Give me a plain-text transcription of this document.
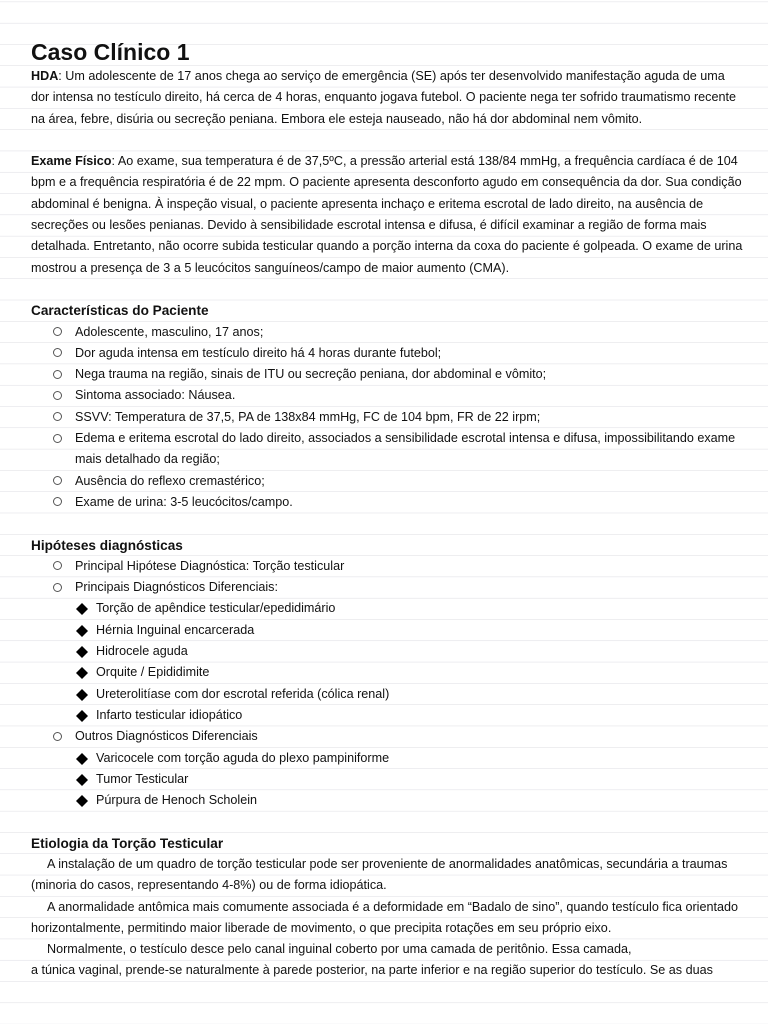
Caso Clínico 1

HDA: Um adolescente de 17 anos chega ao serviço de emergência (SE) após ter desenvolvido manifestação aguda de uma dor intensa no testículo direito, há cerca de 4 horas, enquanto jogava futebol. O paciente nega ter sofrido traumatismo recente na área, febre, disúria ou secreção peniana. Embora ele esteja nauseado, não há dor abdominal nem vômito.

Exame Físico: Ao exame, sua temperatura é de 37,5ºC, a pressão arterial está 138/84 mmHg, a frequência cardíaca é de 104 bpm e a frequência respiratória é de 22 mpm. O paciente apresenta desconforto agudo em consequência da dor. Sua condição abdominal é benigna. À inspeção visual, o paciente apresenta inchaço e eritema escrotal de lado direito, na ausência de secreções ou lesões penianas. Devido à sensibilidade escrotal intensa e difusa, é difícil examinar a região de forma mais detalhada. Entretanto, não ocorre subida testicular quando a porção interna da coxa do paciente é golpeada. O exame de urina mostrou a presença de 3 a 5 leucócitos sanguíneos/campo de maior aumento (CMA).

Características do Paciente
Adolescente, masculino, 17 anos;
Dor aguda intensa em testículo direito há 4 horas durante futebol;
Nega trauma na região, sinais de ITU ou secreção peniana, dor abdominal e vômito;
Sintoma associado: Náusea.
SSVV: Temperatura de 37,5, PA de 138x84 mmHg, FC de 104 bpm, FR de 22 irpm;
Edema e eritema escrotal do lado direito, associados a sensibilidade escrotal intensa e difusa, impossibilitando exame mais detalhado da região;
Ausência do reflexo cremastérico;
Exame de urina: 3-5 leucócitos/campo.
Hipóteses diagnósticas
Principal Hipótese Diagnóstica: Torção testicular
Principais Diagnósticos Diferenciais:
Torção de apêndice testicular/epedidimário
Hérnia Inguinal encarcerada
Hidrocele aguda
Orquite / Epididimite
Ureterolitíase com dor escrotal referida (cólica renal)
Infarto testicular idiopático
Outros Diagnósticos Diferenciais
Varicocele com torção aguda do plexo pampiniforme
Tumor Testicular
Púrpura de Henoch Scholein
Etiologia da Torção Testicular

A instalação de um quadro de torção testicular pode ser proveniente de anormalidades anatômicas, secundária a traumas (minoria do casos, representando 4-8%) ou de forma idiopática.

A anormalidade antômica mais comumente associada é a deformidade em “Badalo de sino”, quando testículo fica orientado horizontalmente, permitindo maior liberade de movimento, o que precipita rotações em seu próprio eixo.

Normalmente, o testículo desce pelo canal inguinal coberto por uma camada de peritônio. Essa camada,

a túnica vaginal, prende-se naturalmente à parede posterior, na parte inferior e na região superior do testículo. Se as duas
